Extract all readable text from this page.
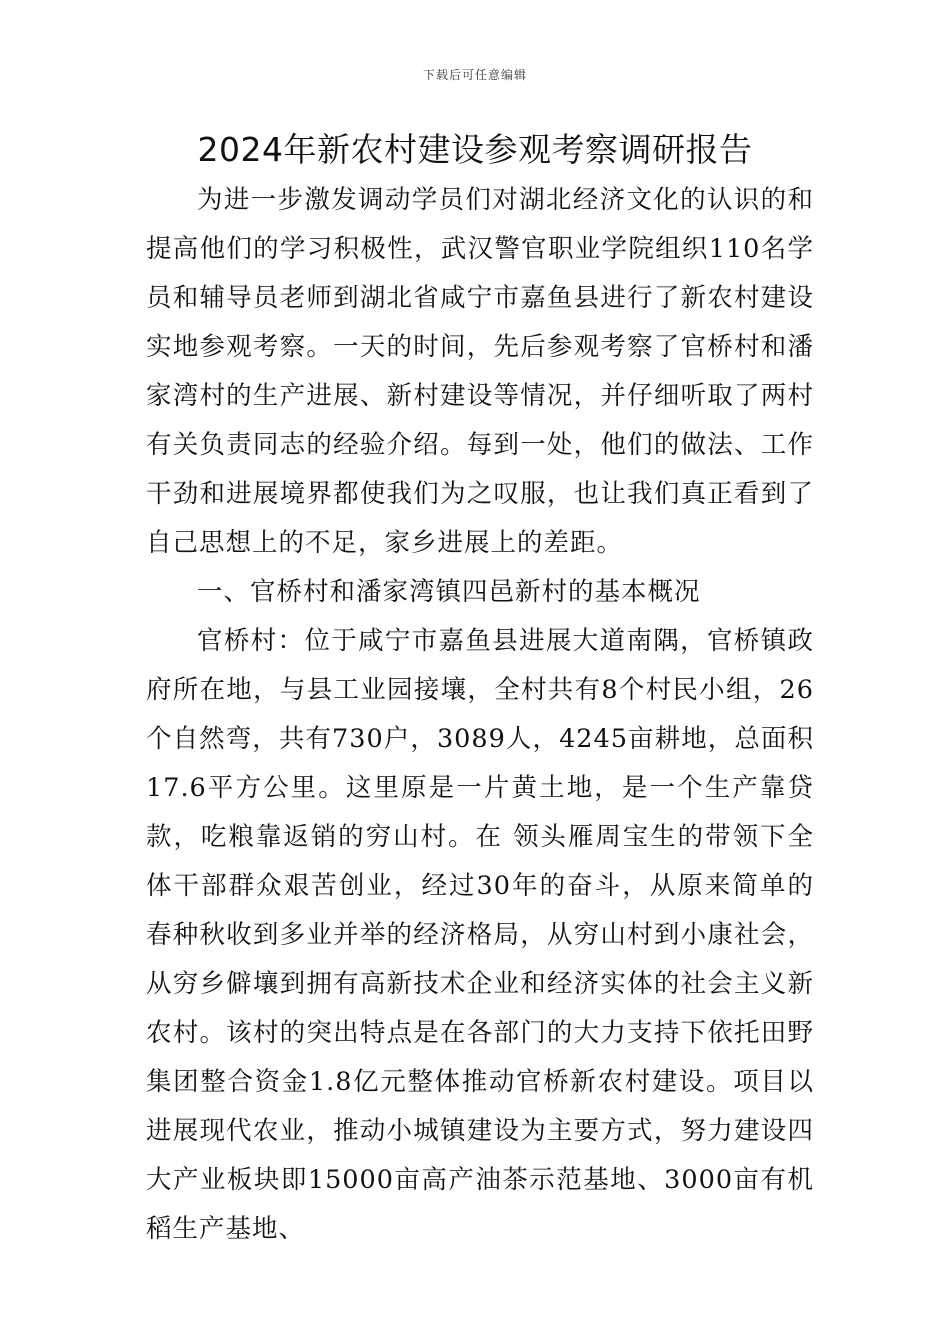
下载后可任意编辑
2024年新农村建设参观考察调研报告

为进一步激发调动学员们对湖北经济文化的认识的和提高他们的学习积极性，武汉警官职业学院组织110名学员和辅导员老师到湖北省咸宁市嘉鱼县进行了新农村建设实地参观考察。一天的时间，先后参观考察了官桥村和潘家湾村的生产进展、新村建设等情况，并仔细听取了两村有关负责同志的经验介绍。每到一处，他们的做法、工作干劲和进展境界都使我们为之叹服，也让我们真正看到了自己思想上的不足，家乡进展上的差距。

一、官桥村和潘家湾镇四邑新村的基本概况

官桥村：位于咸宁市嘉鱼县进展大道南隅，官桥镇政府所在地，与县工业园接壤，全村共有8个村民小组，26个自然弯，共有730户，3089人，4245亩耕地，总面积17.6平方公里。这里原是一片黄土地，是一个生产靠贷款，吃粮靠返销的穷山村。在 领头雁周宝生的带领下全体干部群众艰苦创业，经过30年的奋斗，从原来简单的春种秋收到多业并举的经济格局，从穷山村到小康社会，从穷乡僻壤到拥有高新技术企业和经济实体的社会主义新农村。该村的突出特点是在各部门的大力支持下依托田野集团整合资金1.8亿元整体推动官桥新农村建设。项目以进展现代农业，推动小城镇建设为主要方式，努力建设四大产业板块即15000亩高产油茶示范基地、3000亩有机稻生产基地、
